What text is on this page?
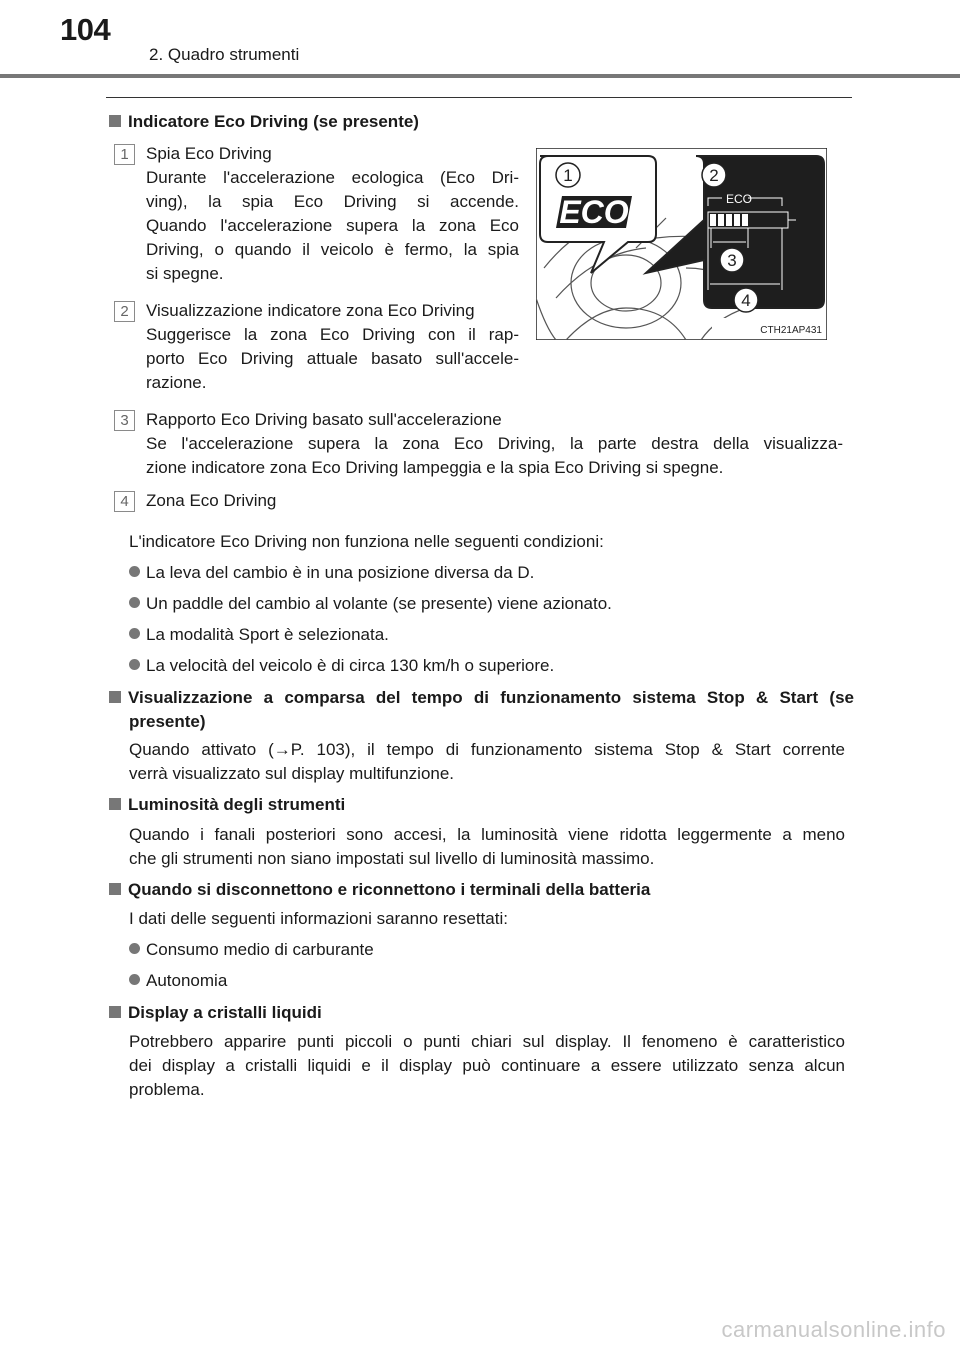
104
2. Quadro strumenti
Indicatore Eco Driving (se presente)
1	Spia Eco Driving
Durante l'accelerazione ecologica (Eco Dri-
ving), la spia Eco Driving si accende.
Quando l'accelerazione supera la zona Eco
Driving, o quando il veicolo è fermo, la spia
si spegne.
2	Visualizzazione indicatore zona Eco Driving
Suggerisce la zona Eco Driving con il rap-
porto Eco Driving attuale basato sull'accele-
razione.
1
ECO
2
ECO
3
4
CTH21AP431
3	Rapporto Eco Driving basato sull'accelerazione
Se l'accelerazione supera la zona Eco Driving, la parte destra della visualizza-
zione indicatore zona Eco Driving lampeggia e la spia Eco Driving si spegne.
4	Zona Eco Driving
L'indicatore Eco Driving non funziona nelle seguenti condizioni:
La leva del cambio è in una posizione diversa da D.
Un paddle del cambio al volante (se presente) viene azionato.
La modalità Sport è selezionata.
La velocità del veicolo è di circa 130 km/h o superiore.
Visualizzazione a comparsa del tempo di funzionamento sistema Stop & Start (se
presente)
Quando attivato (→P. 103), il tempo di funzionamento sistema Stop & Start corrente
verrà visualizzato sul display multifunzione.
Luminosità degli strumenti
Quando i fanali posteriori sono accesi, la luminosità viene ridotta leggermente a meno
che gli strumenti non siano impostati sul livello di luminosità massimo.
Quando si disconnettono e riconnettono i terminali della batteria
I dati delle seguenti informazioni saranno resettati:
Consumo medio di carburante
Autonomia
Display a cristalli liquidi
Potrebbero apparire punti piccoli o punti chiari sul display. Il fenomeno è caratteristico
dei display a cristalli liquidi e il display può continuare a essere utilizzato senza alcun
problema.
carmanualsonline.info
